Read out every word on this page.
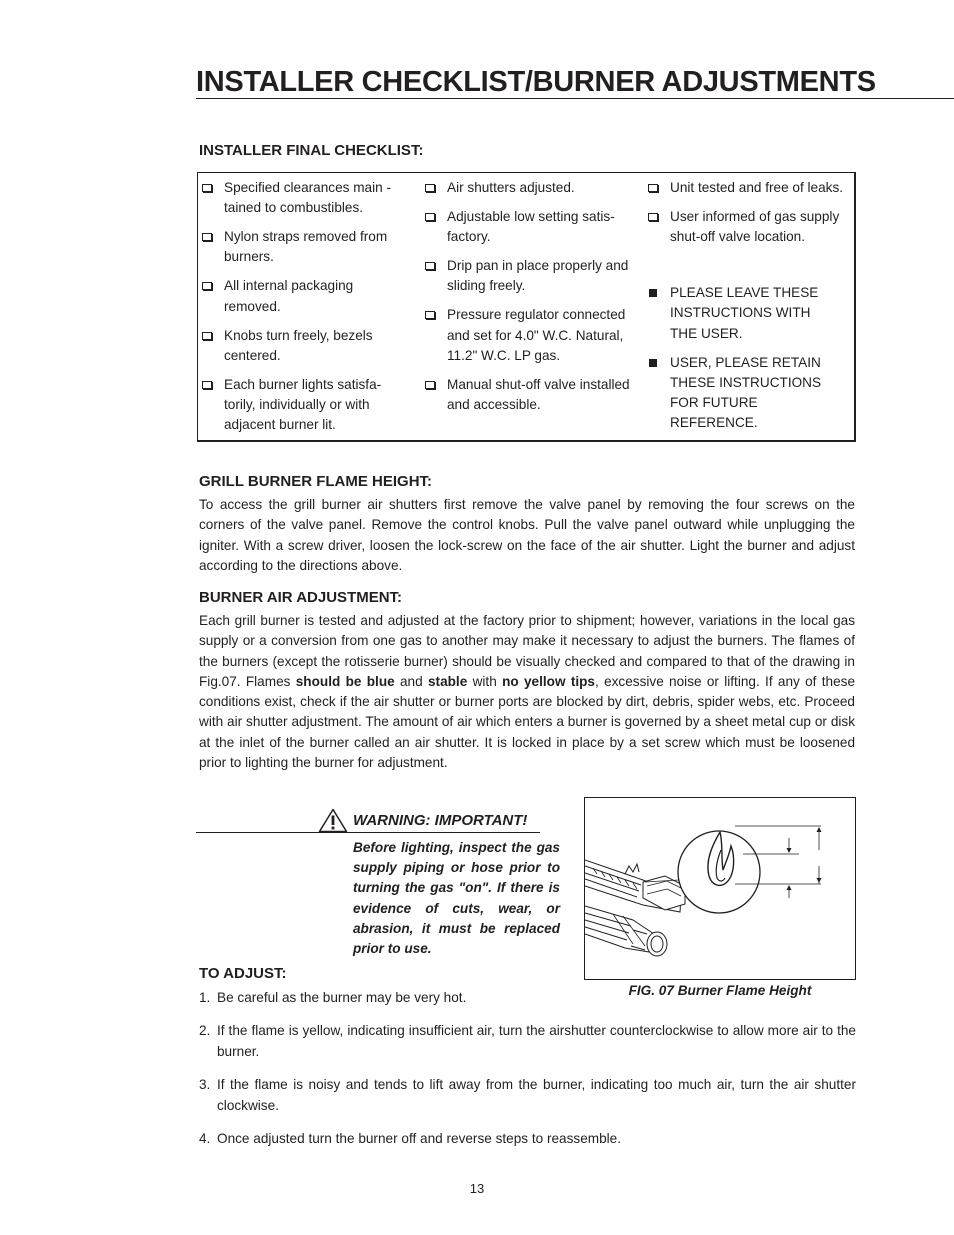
INSTALLER CHECKLIST/BURNER ADJUSTMENTS
INSTALLER FINAL CHECKLIST:
Specified clearances main - tained to combustibles.
Nylon straps removed from burners.
All internal packaging removed.
Knobs turn freely, bezels centered.
Each burner lights satisfa- torily, individually or with adjacent burner lit.
Air shutters adjusted.
Adjustable low setting satis- factory.
Drip pan in place properly and sliding freely.
Pressure regulator connected and set for 4.0" W.C. Natural, 11.2" W.C. LP gas.
Manual shut-off valve installed and accessible.
Unit tested and free of leaks.
User informed of gas supply shut-off valve location.
PLEASE LEAVE THESE INSTRUCTIONS WITH THE USER.
USER, PLEASE RETAIN THESE INSTRUCTIONS FOR FUTURE REFERENCE.
GRILL BURNER FLAME HEIGHT:
To access the grill burner air shutters first remove the valve panel by removing the four screws on the corners of the valve panel. Remove the control knobs. Pull the valve panel outward while unplugging the igniter. With a screw driver, loosen the lock-screw on the face of the air shutter. Light the burner and adjust according to the directions above.
BURNER AIR ADJUSTMENT:
Each grill burner is tested and adjusted at the factory prior to shipment; however, variations in the local gas supply or a conversion from one gas to another may make it necessary to adjust the burners. The flames of the burners (except the rotisserie burner) should be visually checked and compared to that of the drawing in Fig.07. Flames should be blue and stable with no yellow tips, excessive noise or lifting. If any of these conditions exist, check if the air shutter or burner ports are blocked by dirt, debris, spider webs, etc. Proceed with air shutter adjustment. The amount of air which enters a burner is governed by a sheet metal cup or disk at the inlet of the burner called an air shutter. It is locked in place by a set screw which must be loosened prior to lighting the burner for adjustment.
WARNING: IMPORTANT!
Before lighting, inspect the gas supply piping or hose prior to turning the gas "on". If there is evidence of cuts, wear, or abrasion, it must be replaced prior to use.
FIG. 07 Burner Flame Height
TO ADJUST:
1. Be careful as the burner may be very hot.
2. If the flame is yellow, indicating insufficient air, turn the airshutter counterclockwise to allow more air to the burner.
3. If the flame is noisy and tends to lift away from the burner, indicating too much air, turn the air shutter clockwise.
4. Once adjusted turn the burner off and reverse steps to reassemble.
13
